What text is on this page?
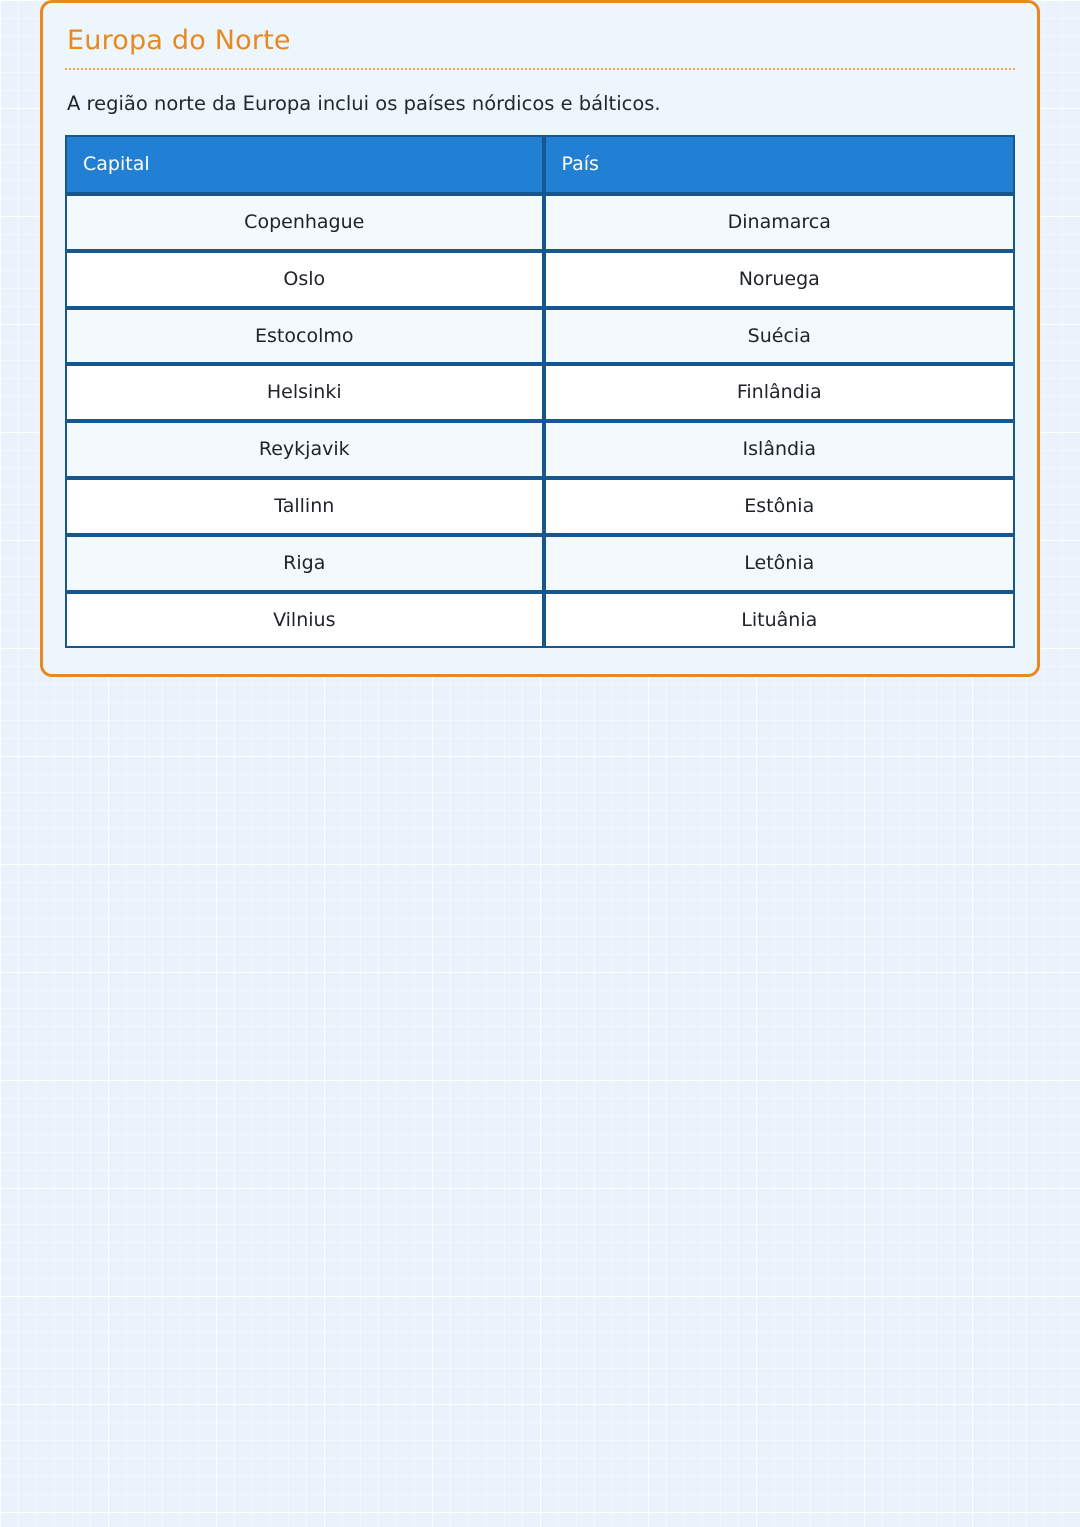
Europa do Norte

A região norte da Europa inclui os países nórdicos e bálticos.

Capital	País
Copenhague	Dinamarca
Oslo	Noruega
Estocolmo	Suécia
Helsinki	Finlândia
Reykjavik	Islândia
Tallinn	Estônia
Riga	Letônia
Vilnius	Lituânia
